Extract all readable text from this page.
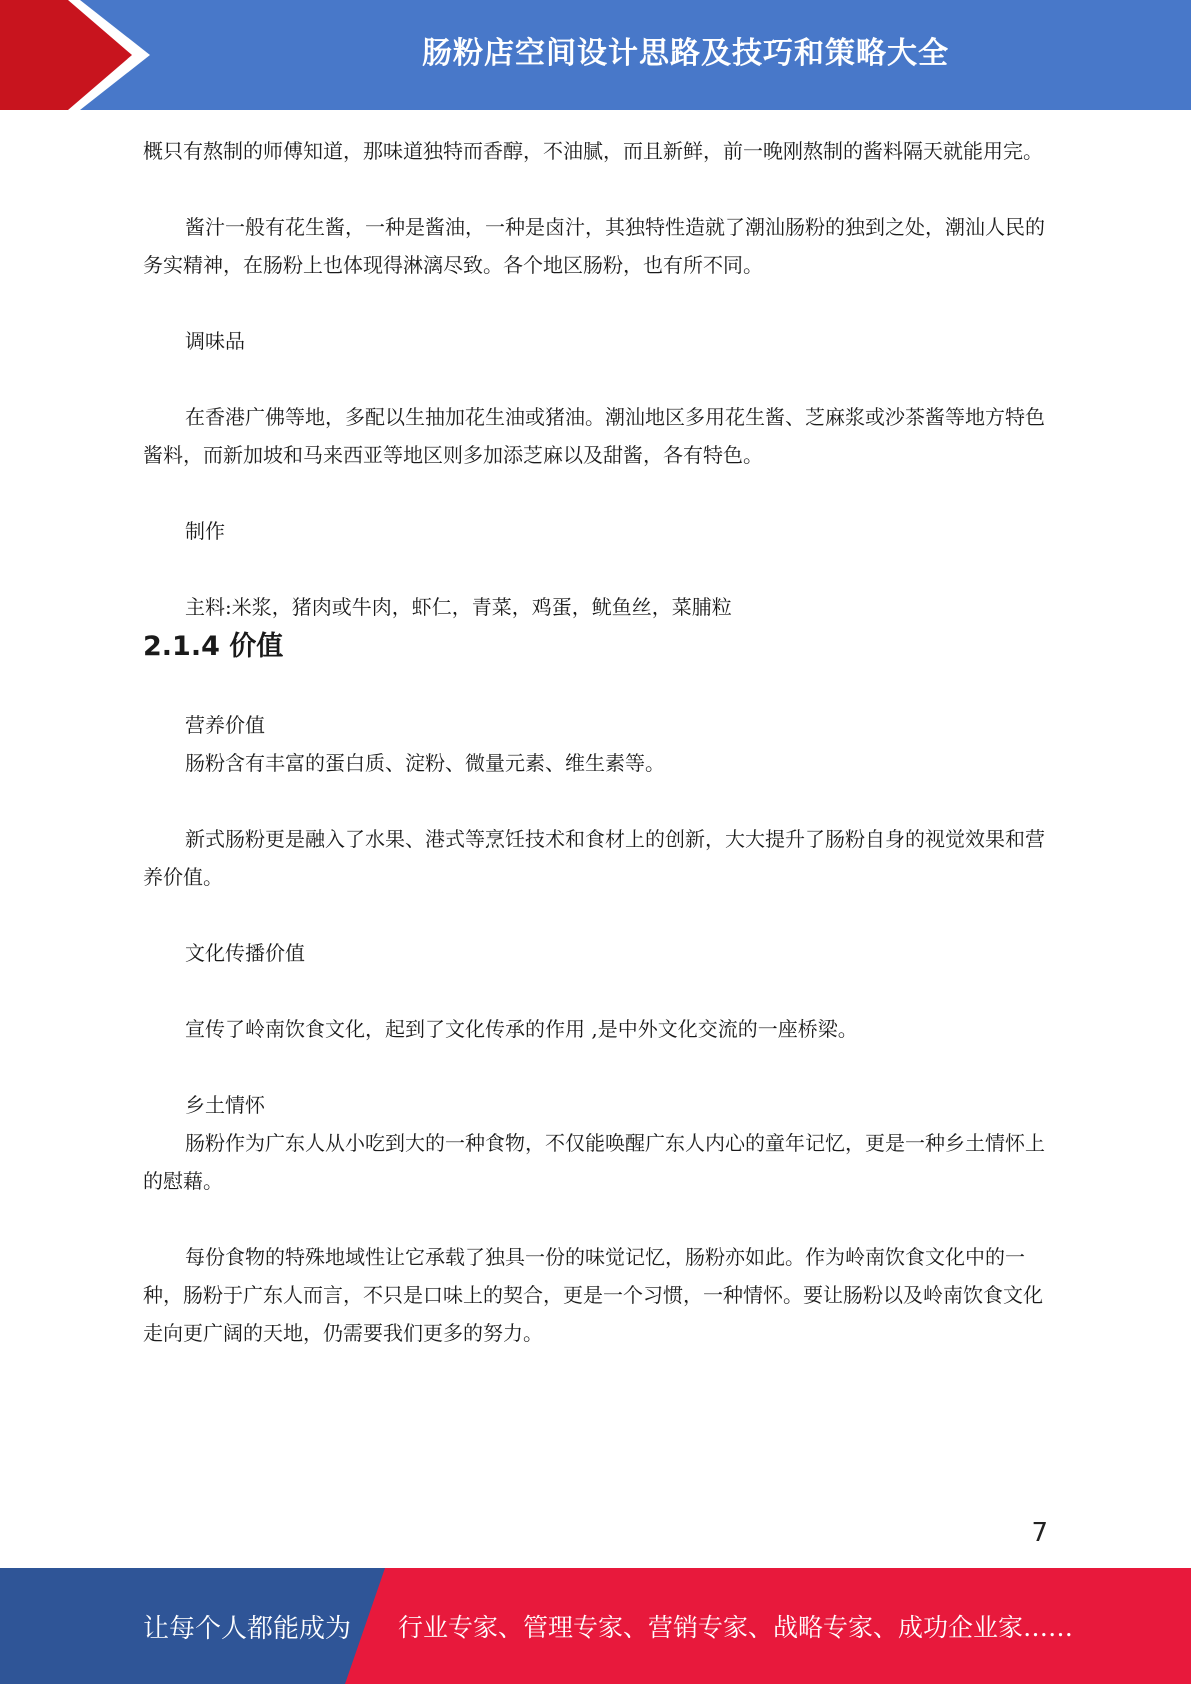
肠粉店空间设计思路及技巧和策略大全

概只有熬制的师傅知道，那味道独特而香醇，不油腻，而且新鲜，前一晚刚熬制的酱料隔天就能用完。

酱汁一般有花生酱，一种是酱油，一种是卤汁，其独特性造就了潮汕肠粉的独到之处，潮汕人民的务实精神，在肠粉上也体现得淋漓尽致。各个地区肠粉，也有所不同。

调味品

在香港广佛等地，多配以生抽加花生油或猪油。潮汕地区多用花生酱、芝麻浆或沙茶酱等地方特色酱料，而新加坡和马来西亚等地区则多加添芝麻以及甜酱，各有特色。

制作

主料:米浆，猪肉或牛肉，虾仁，青菜，鸡蛋，鱿鱼丝，菜脯粒

2.1.4 价值

营养价值

肠粉含有丰富的蛋白质、淀粉、微量元素、维生素等。

新式肠粉更是融入了水果、港式等烹饪技术和食材上的创新，大大提升了肠粉自身的视觉效果和营养价值。

文化传播价值

宣传了岭南饮食文化，起到了文化传承的作用 ,是中外文化交流的一座桥梁。

乡土情怀

肠粉作为广东人从小吃到大的一种食物，不仅能唤醒广东人内心的童年记忆，更是一种乡土情怀上的慰藉。

每份食物的特殊地域性让它承载了独具一份的味觉记忆，肠粉亦如此。作为岭南饮食文化中的一种，肠粉于广东人而言，不只是口味上的契合，更是一个习惯，一种情怀。要让肠粉以及岭南饮食文化走向更广阔的天地，仍需要我们更多的努力。

7
让每个人都能成为 行业专家、管理专家、营销专家、战略专家、成功企业家……
